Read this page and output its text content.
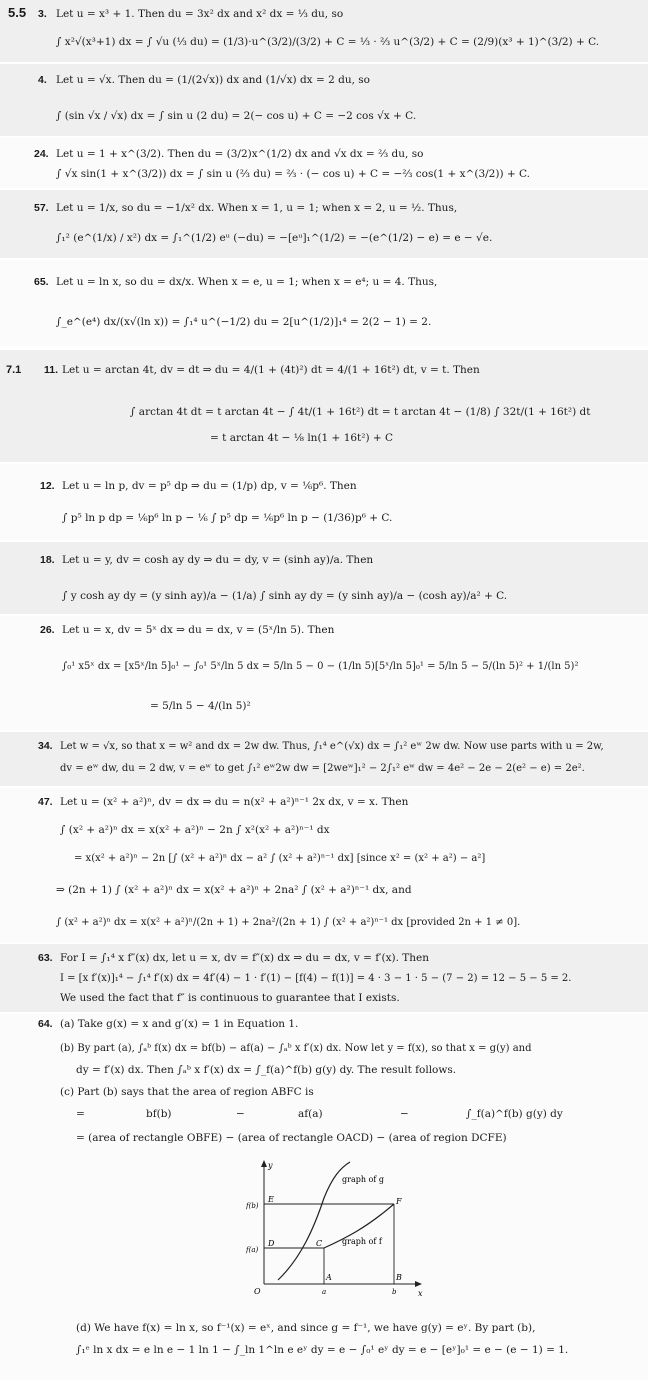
5.5 3. Let u = x³ + 1. Then du = 3x² dx and x² dx = ⅓ du, so
∫ x²√(x³+1) dx = ∫ √u (⅓ du) = (1/3)·u^(3/2)/(3/2) + C = ⅓ · ⅔ u^(3/2) + C = (2/9)(x³ + 1)^(3/2) + C.
4. Let u = √x. Then du = (1/(2√x)) dx and (1/√x) dx = 2 du, so
∫ (sin √x / √x) dx = ∫ sin u (2 du) = 2(− cos u) + C = −2 cos √x + C.
24. Let u = 1 + x^(3/2). Then du = (3/2)x^(1/2) dx and √x dx = ⅔ du, so
∫ √x sin(1 + x^(3/2)) dx = ∫ sin u (⅔ du) = ⅔ · (− cos u) + C = −⅔ cos(1 + x^(3/2)) + C.
57. Let u = 1/x, so du = −1/x² dx. When x = 1, u = 1; when x = 2, u = ½. Thus,
∫₁² (e^(1/x) / x²) dx = ∫₁^(1/2) eᵘ (−du) = −[eᵘ]₁^(1/2) = −(e^(1/2) − e) = e − √e.
65. Let u = ln x, so du = dx/x. When x = e, u = 1; when x = e⁴; u = 4. Thus,
∫_e^(e⁴) dx/(x√(ln x)) = ∫₁⁴ u^(−1/2) du = 2[u^(1/2)]₁⁴ = 2(2 − 1) = 2.
7.1 11. Let u = arctan 4t, dv = dt ⇒ du = 4/(1 + (4t)²) dt = 4/(1 + 16t²) dt, v = t. Then
∫ arctan 4t dt = t arctan 4t − ∫ 4t/(1 + 16t²) dt = t arctan 4t − (1/8) ∫ 32t/(1 + 16t²) dt
= t arctan 4t − ⅛ ln(1 + 16t²) + C
12. Let u = ln p, dv = p⁵ dp ⇒ du = (1/p) dp, v = ⅙p⁶. Then
∫ p⁵ ln p dp = ⅙p⁶ ln p − ⅙ ∫ p⁵ dp = ⅙p⁶ ln p − (1/36)p⁶ + C.
18. Let u = y, dv = cosh ay dy ⇒ du = dy, v = (sinh ay)/a. Then
∫ y cosh ay dy = (y sinh ay)/a − (1/a) ∫ sinh ay dy = (y sinh ay)/a − (cosh ay)/a² + C.
26. Let u = x, dv = 5ˣ dx ⇒ du = dx, v = (5ˣ/ln 5). Then
∫₀¹ x5ˣ dx = [x5ˣ/ln 5]₀¹ − ∫₀¹ 5ˣ/ln 5 dx = 5/ln 5 − 0 − (1/ln 5)[5ˣ/ln 5]₀¹ = 5/ln 5 − 5/(ln 5)² + 1/(ln 5)²
= 5/ln 5 − 4/(ln 5)²
34. Let w = √x, so that x = w² and dx = 2w dw. Thus, ∫₁⁴ e^(√x) dx = ∫₁² eʷ 2w dw. Now use parts with u = 2w,
dv = eʷ dw, du = 2 dw, v = eʷ to get ∫₁² eʷ2w dw = [2weʷ]₁² − 2∫₁² eʷ dw = 4e² − 2e − 2(e² − e) = 2e².
47. Let u = (x² + a²)ⁿ, dv = dx ⇒ du = n(x² + a²)ⁿ⁻¹ 2x dx, v = x. Then
∫ (x² + a²)ⁿ dx = x(x² + a²)ⁿ − 2n ∫ x²(x² + a²)ⁿ⁻¹ dx
= x(x² + a²)ⁿ − 2n [∫ (x² + a²)ⁿ dx − a² ∫ (x² + a²)ⁿ⁻¹ dx] [since x² = (x² + a²) − a²]
⇒ (2n + 1) ∫ (x² + a²)ⁿ dx = x(x² + a²)ⁿ + 2na² ∫ (x² + a²)ⁿ⁻¹ dx, and
∫ (x² + a²)ⁿ dx = x(x² + a²)ⁿ/(2n + 1) + 2na²/(2n + 1) ∫ (x² + a²)ⁿ⁻¹ dx [provided 2n + 1 ≠ 0].
63. For I = ∫₁⁴ x f″(x) dx, let u = x, dv = f″(x) dx ⇒ du = dx, v = f′(x). Then
I = [x f′(x)]₁⁴ − ∫₁⁴ f′(x) dx = 4f′(4) − 1 · f′(1) − [f(4) − f(1)] = 4 · 3 − 1 · 5 − (7 − 2) = 12 − 5 − 5 = 2.
We used the fact that f″ is continuous to guarantee that I exists.
64. (a) Take g(x) = x and g′(x) = 1 in Equation 1.
(b) By part (a), ∫ₐᵇ f(x) dx = bf(b) − af(a) − ∫ₐᵇ x f′(x) dx. Now let y = f(x), so that x = g(y) and
dy = f′(x) dx. Then ∫ₐᵇ x f′(x) dx = ∫_f(a)^f(b) g(y) dy. The result follows.
(c) Part (b) says that the area of region ABFC is
=	bf(b)	−	af(a)	−	∫_f(a)^f(b) g(y) dy
= (area of rectangle OBFE) − (area of rectangle OACD) − (area of region DCFE)
y
x
graph of g
graph of f
f(b)
f(a)
E	F
D	C
A	B
O	a	b
(d) We have f(x) = ln x, so f⁻¹(x) = eˣ, and since g = f⁻¹, we have g(y) = eʸ. By part (b),
∫₁ᵉ ln x dx = e ln e − 1 ln 1 − ∫_ln 1^ln e eʸ dy = e − ∫₀¹ eʸ dy = e − [eʸ]₀¹ = e − (e − 1) = 1.
